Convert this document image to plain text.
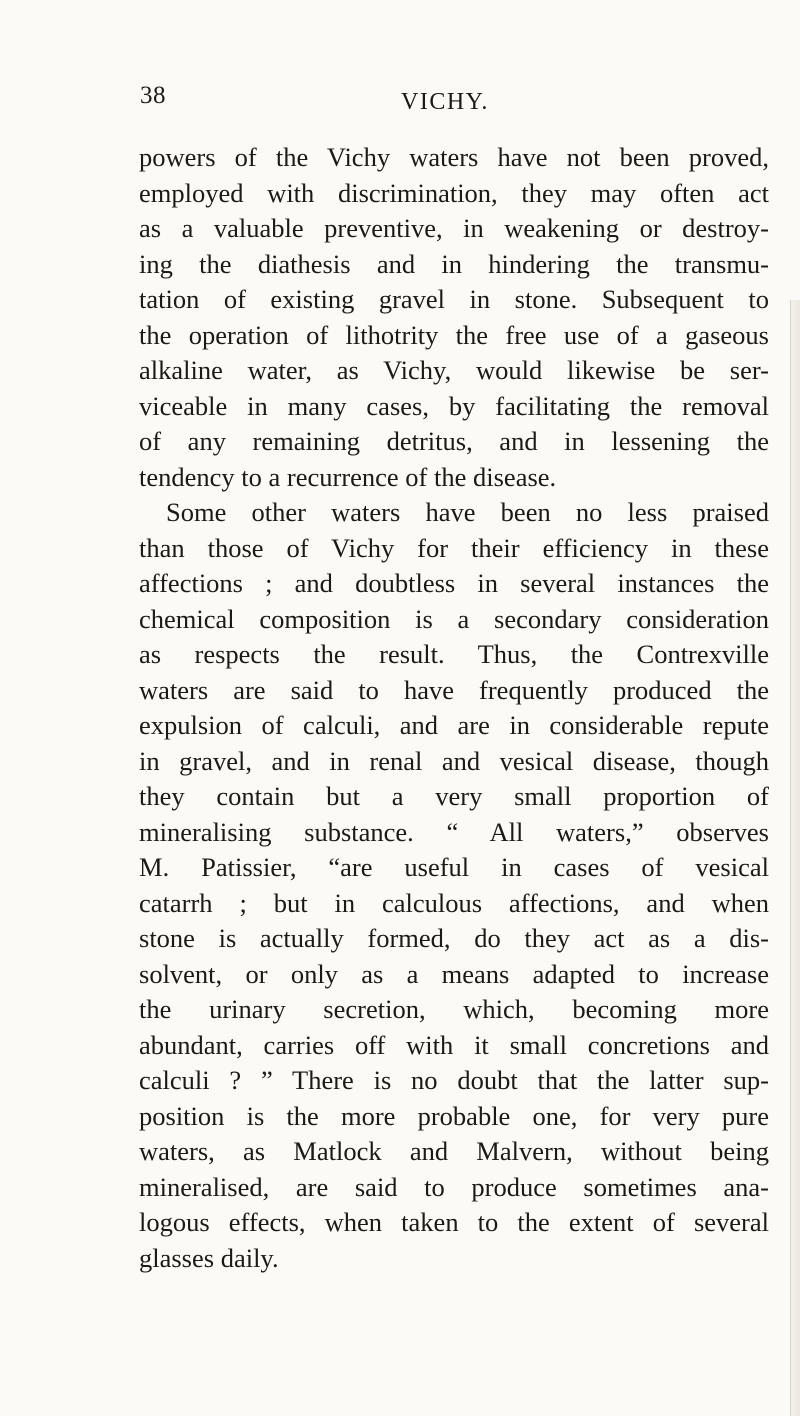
38	VICHY.
powers of the Vichy waters have not been proved,
employed with discrimination, they may often act
as a valuable preventive, in weakening or destroy-
ing the diathesis and in hindering the transmu-
tation of existing gravel in stone. Subsequent to
the operation of lithotrity the free use of a gaseous
alkaline water, as Vichy, would likewise be ser-
viceable in many cases, by facilitating the removal
of any remaining detritus, and in lessening the
tendency to a recurrence of the disease.
Some other waters have been no less praised
than those of Vichy for their efficiency in these
affections ; and doubtless in several instances the
chemical composition is a secondary consideration
as respects the result. Thus, the Contrexville
waters are said to have frequently produced the
expulsion of calculi, and are in considerable repute
in gravel, and in renal and vesical disease, though
they contain but a very small proportion of
mineralising substance. “ All waters,” observes
M. Patissier, “are useful in cases of vesical
catarrh ; but in calculous affections, and when
stone is actually formed, do they act as a dis-
solvent, or only as a means adapted to increase
the urinary secretion, which, becoming more
abundant, carries off with it small concretions and
calculi ? ” There is no doubt that the latter sup-
position is the more probable one, for very pure
waters, as Matlock and Malvern, without being
mineralised, are said to produce sometimes ana-
logous effects, when taken to the extent of several
glasses daily.
